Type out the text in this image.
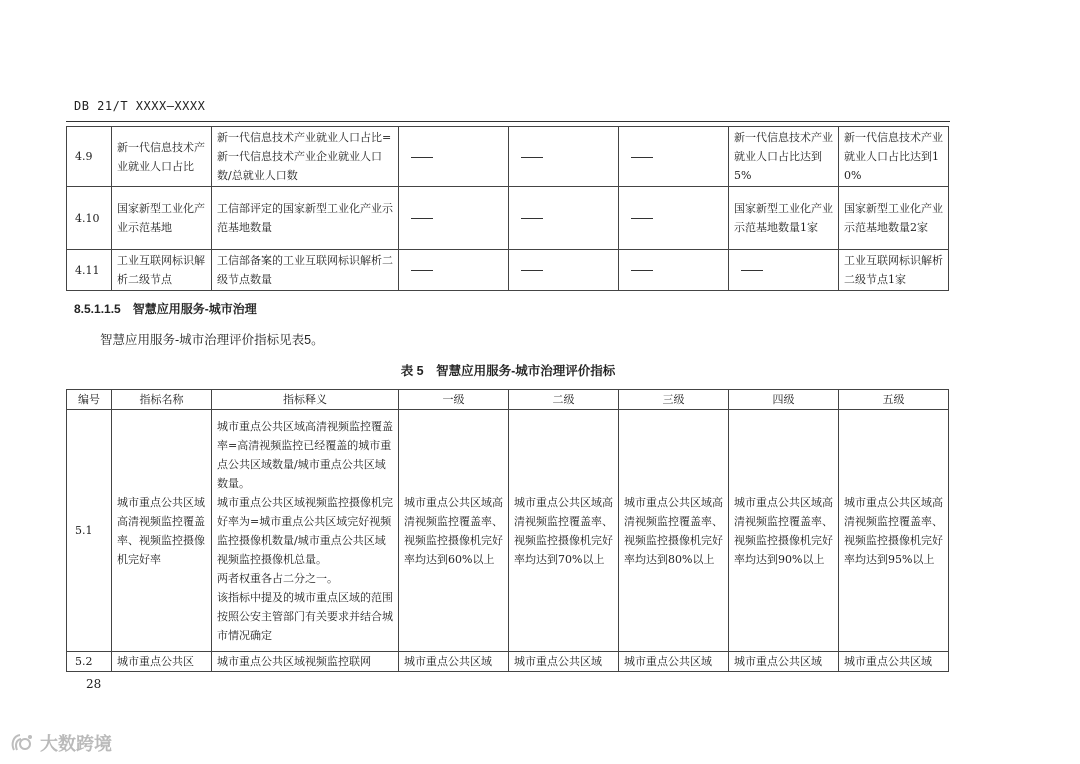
DB 21/T XXXX—XXXX
4.9	新一代信息技术产业就业人口占比	新一代信息技术产业就业人口占比=新一代信息技术产业企业就业人口数/总就业人口数				新一代信息技术产业就业人口占比达到5%	新一代信息技术产业就业人口占比达到10%
4.10	国家新型工业化产业示范基地	工信部评定的国家新型工业化产业示范基地数量				国家新型工业化产业示范基地数量1家	国家新型工业化产业示范基地数量2家
4.11	工业互联网标识解析二级节点	工信部备案的工业互联网标识解析二级节点数量					工业互联网标识解析二级节点1家
8.5.1.1.5　智慧应用服务-城市治理
智慧应用服务-城市治理评价指标见表5。
表 5　智慧应用服务-城市治理评价指标
编号	指标名称	指标释义	一级	二级	三级	四级	五级
5.1	城市重点公共区域高清视频监控覆盖率、视频监控摄像机完好率	城市重点公共区域高清视频监控覆盖率=高清视频监控已经覆盖的城市重点公共区域数量/城市重点公共区域数量。
城市重点公共区域视频监控摄像机完好率为=城市重点公共区域完好视频监控摄像机数量/城市重点公共区域视频监控摄像机总量。
两者权重各占二分之一。
该指标中提及的城市重点区域的范围按照公安主管部门有关要求并结合城市情况确定	城市重点公共区域高清视频监控覆盖率、视频监控摄像机完好率均达到60%以上	城市重点公共区域高清视频监控覆盖率、视频监控摄像机完好率均达到70%以上	城市重点公共区域高清视频监控覆盖率、视频监控摄像机完好率均达到80%以上	城市重点公共区域高清视频监控覆盖率、视频监控摄像机完好率均达到90%以上	城市重点公共区域高清视频监控覆盖率、视频监控摄像机完好率均达到95%以上
5.2	城市重点公共区	城市重点公共区域视频监控联网	城市重点公共区域	城市重点公共区域	城市重点公共区域	城市重点公共区域	城市重点公共区域
28
大数跨境
